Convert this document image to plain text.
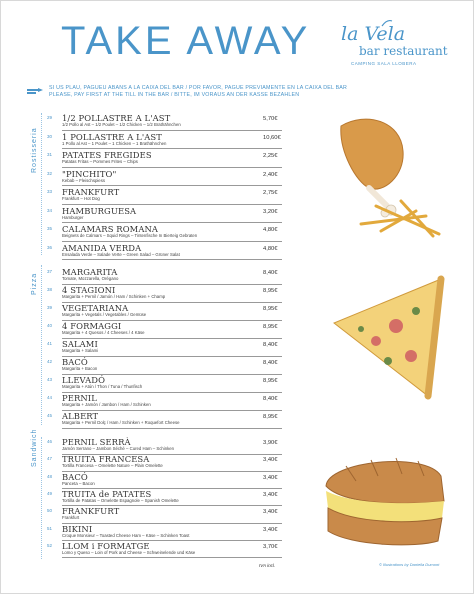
TAKE AWAY la Vela
bar restaurant
CAMPING SALA LLOBERA
SI US PLAU, PAGUEU ABANS A LA CAIXA DEL BAR / POR FAVOR, PAGUE PREVIAMENTE EN LA CAIXA DEL BAR
PLEASE, PAY FIRST AT THE TILL IN THE BAR / BITTE, IM VORAUS AN DER KASSE BEZAHLEN
Rostisseria
Pizza
Sandwich
29	1/2 POLLASTRE A L'AST
1/2 Pollo al Ast – 1/2 Poulet – 1/2 Chicken – 1/2 Brathähnchen
5,70€
30	1 POLLASTRE A L'AST
1 Pollo al Ast – 1 Poulet – 1 Chicken – 1 Brathähnchen
10,60€
31	PATATES FREGIDES
Patatas Fritas – Pommes Frites – Chips
2,25€
32	"PINCHITO"
Kebab – Fleischspiess
2,40€
33	FRANKFURT
Frankfurt – Hot Dog
2,75€
34	HAMBURGUESA
Hamburger
3,20€
35	CALAMARS ROMANA
Beignets de Calmars – Squid Rings – Tintenfische In Bierteig Gebraten
4,80€
36	AMANIDA VERDA
Ensalada Verde – Salade Verte – Green Salad – Grüner Salat
4,80€
37	MARGARITA
Tomate, Mozzarella, Orégano
8,40€
38	4 STAGIONI
Margarita + Pernil / Jamón / Ham / Schinken + Champ
8,95€
39	VEGETARIANA
Margarita + Vegetals / Vegetables / Gemüse
8,95€
40	4 FORMAGGI
Margarita + 4 Quesos / 4 Cheeses / 4 Käse
8,95€
41	SALAMI
Margarita + Salami
8,40€
42	BACÓ
Margarita + Bacon
8,40€
43	LLEVADÓ
Margarita + Atún / Thon / Tuna / Thunfisch
8,95€
44	PERNIL
Margarita + Jamón / Jambon / Ham / Schinken
8,40€
45	ALBERT
Margarita + Pernil Dolç / Ham / Schinken + Roquefort Cheese
8,95€
46	PERNIL SERRÀ
Jamón Serrano – Jambon Séché – Cured Ham – Schinken
3,90€
47	TRUITA FRANCESA
Tortilla Francesa – Omelette Nature – Plain Omelette
3,40€
48	BACÓ
Panceta – Bacon
3,40€
49	TRUITA de PATATES
Tortilla de Patatas – Omelette Espagnole – Spanish Omelette
3,40€
50	FRANKFURT
Frankfurt
3,40€
51	BIKINI
Croque Monsieur – Toasted Cheese Ham – Käse – Schinken Toast
3,40€
52	LLOM i FORMATGE
Lomo y Queso – Loin of Pork and Cheese – Schweinelende und Käse
3,70€
IVA incl.	© Illustrations by Daniella Dumont
